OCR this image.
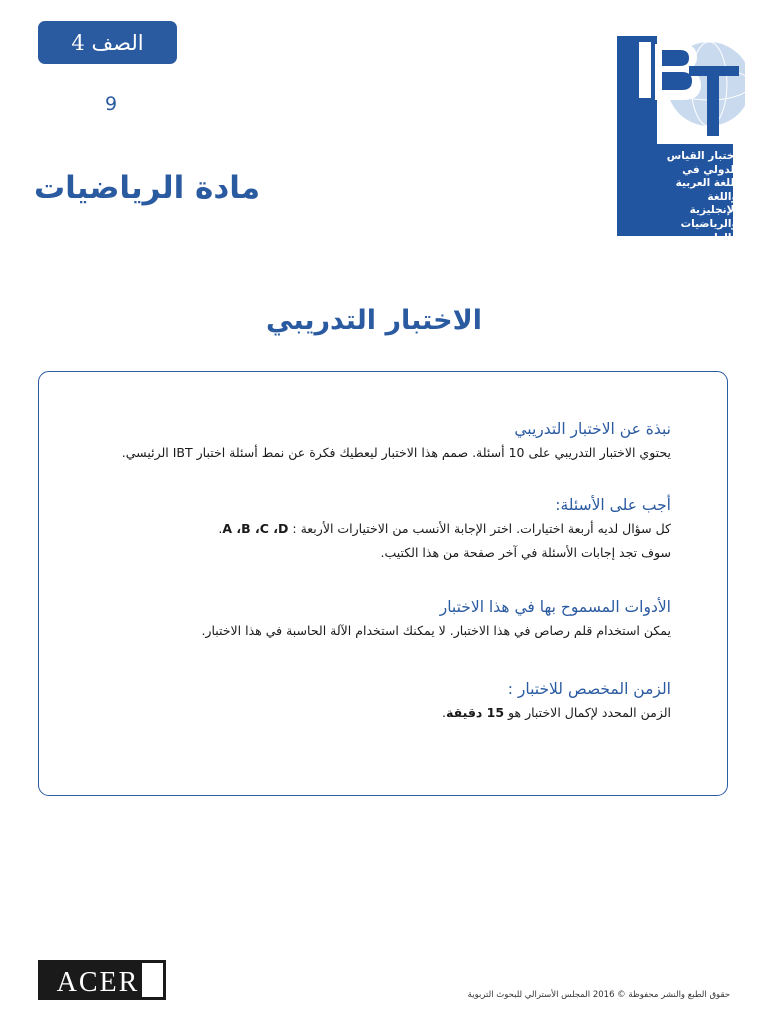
الصف 4
9
مادة الرياضيات
اختبار القياس
الدولي في
اللغة العربية
واللغة الإنجليزية
والرياضيات
والعلوم
الاختبار التدريبي
نبذة عن الاختبار التدريبي

يحتوي الاختبار التدريبي على 10 أسئلة. صمم هذا الاختبار ليعطيك فكرة عن نمط أسئلة اختبار IBT الرئيسي.

أجب على الأسئلة:

كل سؤال لديه أربعة اختيارات. اختر الإجابة الأنسب من الاختيارات الأربعة : A ،B ،C ،D.

سوف تجد إجابات الأسئلة في آخر صفحة من هذا الكتيب.

الأدوات المسموح بها في هذا الاختبار

يمكن استخدام قلم رصاص في هذا الاختبار. لا يمكنك استخدام الآلة الحاسبة في هذا الاختبار.

الزمن المخصص للاختبار :

الزمن المحدد لإكمال الاختبار هو 15 دقيقة.

ACER	حقوق الطبع والنشر محفوظة © 2016 المجلس الأسترالي للبحوث التربوية
